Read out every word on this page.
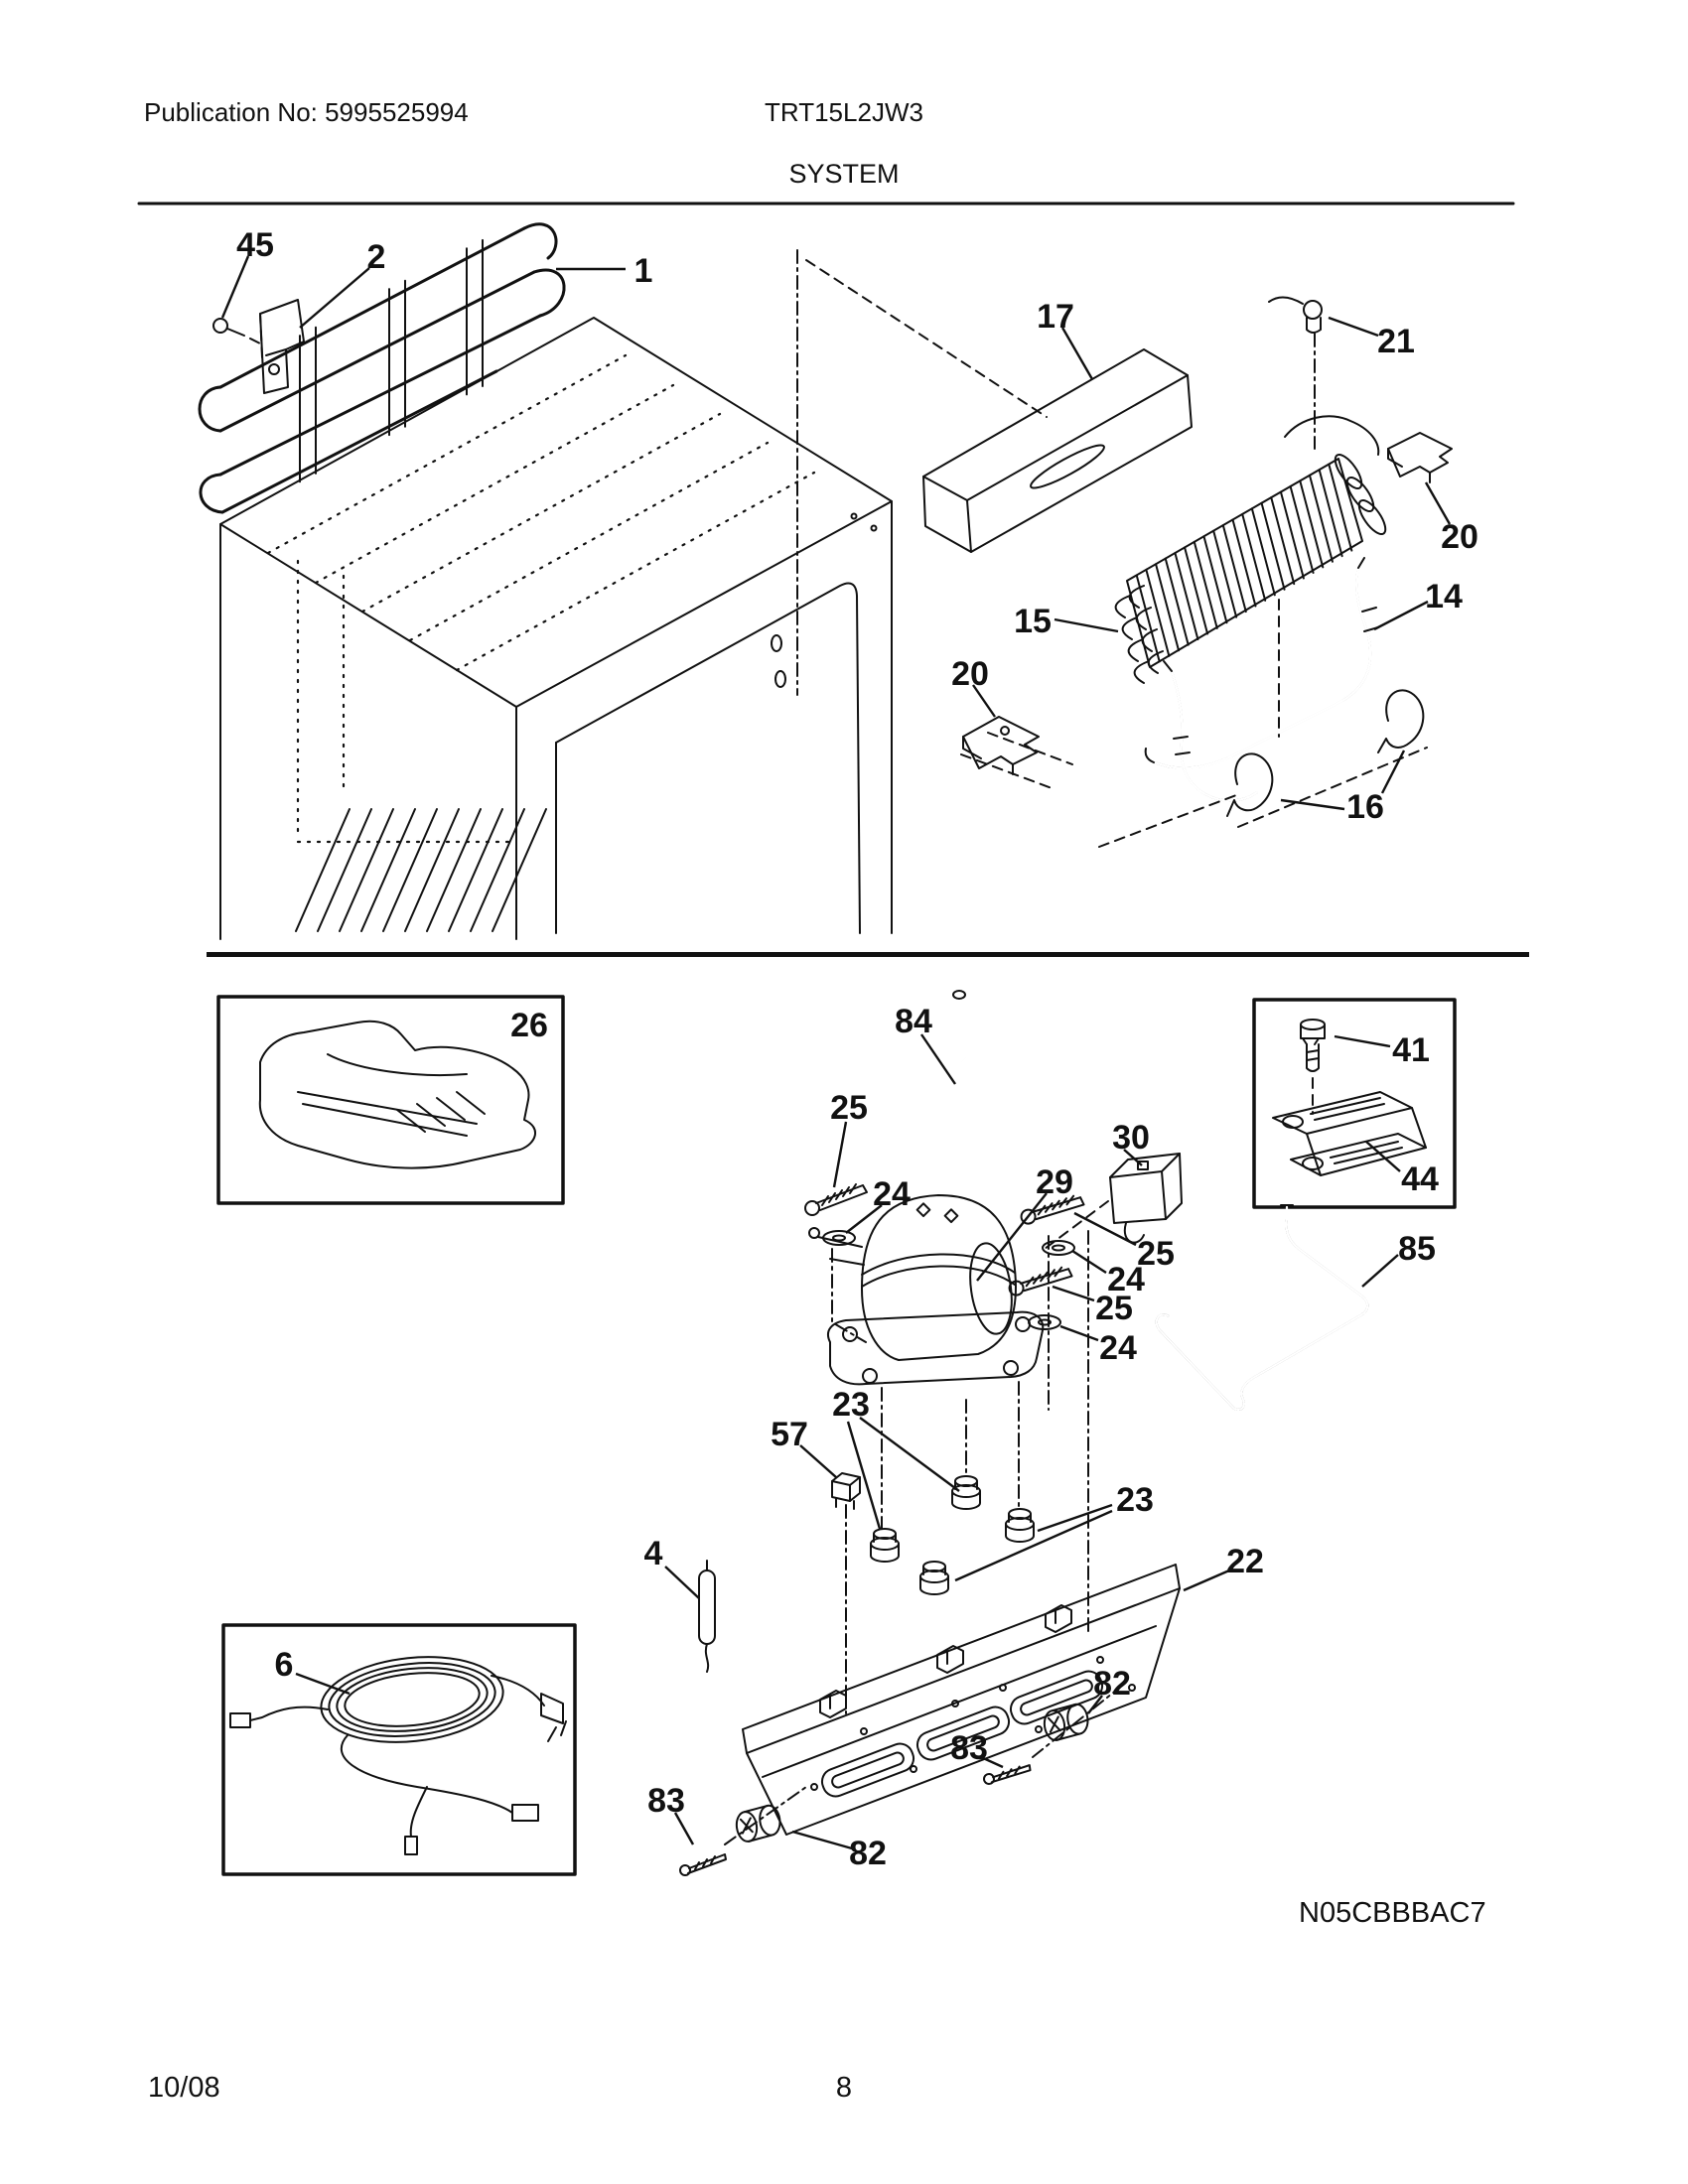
Publication No: 5995525994	TRT15L2JW3
SYSTEM
45	2	1
17
21
20
14
15
20
16
26	84
41
25
30
29
24	44
85
25
24
25
24
23
57
23
4	22
82
83
83
82
6
N05CBBBAC7
10/08	8
